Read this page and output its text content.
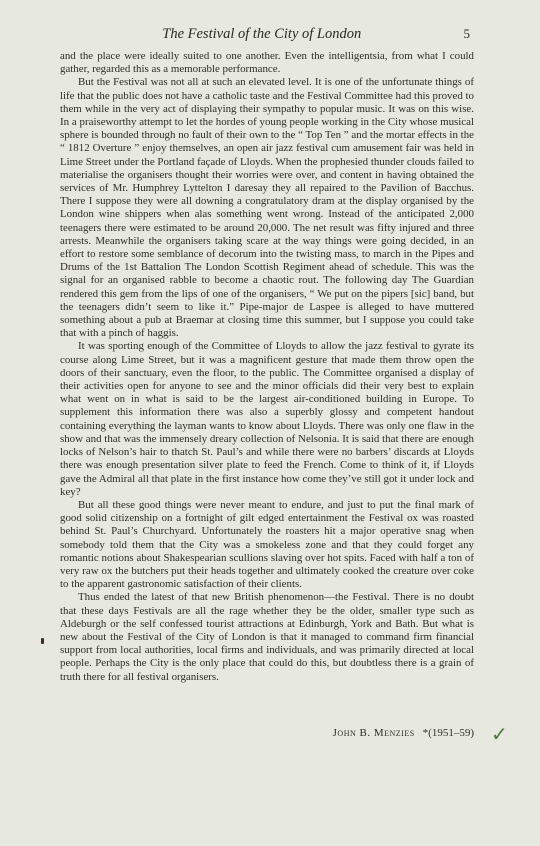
The Festival of the City of London	5

and the place were ideally suited to one another. Even the intelligentsia, from what I could gather, regarded this as a memorable performance.

But the Festival was not all at such an elevated level. It is one of the unfortunate things of life that the public does not have a catholic taste and the Festival Committee had this proved to them while in the very act of displaying their sympathy to popular music. It was on this wise. In a praiseworthy attempt to let the hordes of young people working in the City whose musical sphere is bounded through no fault of their own to the “ Top Ten ” and the mortar effects in the “ 1812 Overture ” enjoy themselves, an open air jazz festival cum amusement fair was held in Lime Street under the Portland façade of Lloyds. When the prophesied thunder clouds failed to materialise the organisers thought their worries were over, and content in having obtained the services of Mr. Humphrey Lyttelton I daresay they all repaired to the Pavilion of Bacchus. There I suppose they were all downing a congratulatory dram at the display organised by the London wine shippers when alas something went wrong. Instead of the anticipated 2,000 teenagers there were estimated to be around 20,000. The net result was fifty injured and three arrests. Meanwhile the organisers taking scare at the way things were going decided, in an effort to restore some semblance of decorum into the twisting mass, to march in the Pipes and Drums of the 1st Battalion The London Scottish Regiment ahead of schedule. This was the signal for an organised rabble to become a chaotic rout. The following day The Guardian rendered this gem from the lips of one of the organisers, “ We put on the pipers [sic] band, but the teenagers didn’t seem to like it.” Pipe-major de Laspee is alleged to have muttered something about a pub at Braemar at closing time this summer, but I suppose you could take that with a pinch of haggis.

It was sporting enough of the Committee of Lloyds to allow the jazz festival to gyrate its course along Lime Street, but it was a magnificent gesture that made them throw open the doors of their sanctuary, even the floor, to the public. The Committee organised a display of their activities open for anyone to see and the minor officials did their very best to explain what went on in what is said to be the largest air-conditioned building in Europe. To supplement this information there was also a superbly glossy and competent handout containing everything the layman wants to know about Lloyds. There was only one flaw in the show and that was the immensely dreary collection of Nelsonia. It is said that there are enough locks of Nelson’s hair to thatch St. Paul’s and while there were no barbers’ discards at Lloyds there was enough presentation silver plate to feed the French. Come to think of it, if Lloyds gave the Admiral all that plate in the first instance how come they’ve still got it under lock and key?

But all these good things were never meant to endure, and just to put the final mark of good solid citizenship on a fortnight of gilt edged entertainment the Festival ox was roasted behind St. Paul’s Churchyard. Unfortunately the roasters hit a major operative snag when somebody told them that the City was a smokeless zone and that they could forget any romantic notions about Shakespearian scullions slaving over hot spits. Faced with half a ton of very raw ox the butchers put their heads together and ultimately cooked the creature over coke to the apparent gastronomic satisfaction of their clients.

Thus ended the latest of that new British phenomenon—the Festival. There is no doubt that these days Festivals are all the rage whether they be the older, smaller type such as Aldeburgh or the self confessed tourist attractions at Edinburgh, York and Bath. But what is new about the Festival of the City of London is that it managed to command firm financial support from local authorities, local firms and individuals, and was primarily directed at local people. Perhaps the City is the only place that could do this, but doubtless there is a grain of truth there for all festival organisers.

John B. Menzies *(1951–59) ✓
